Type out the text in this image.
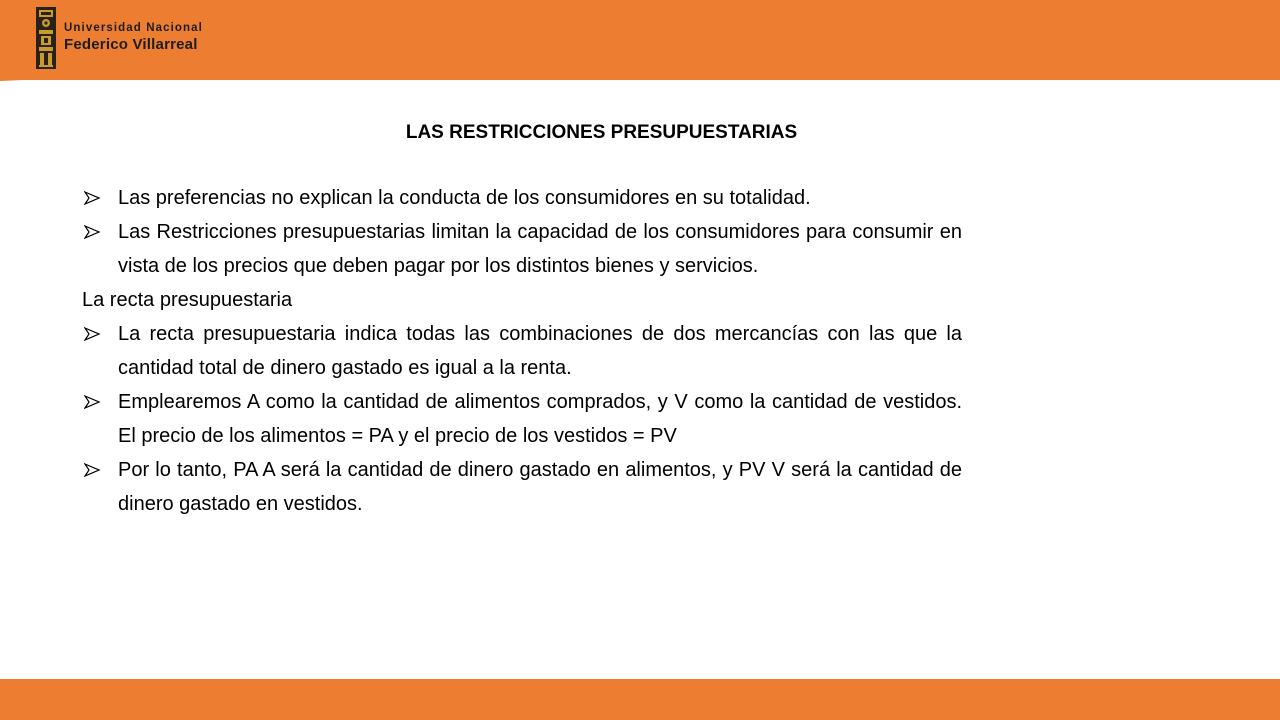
Universidad Nacional
Federico Villarreal
LAS RESTRICCIONES PRESUPUESTARIAS
Las preferencias no explican la conducta de los consumidores en su totalidad.
Las Restricciones presupuestarias limitan la capacidad de los consumidores para consumir en vista de los precios que deben pagar por los distintos bienes y servicios.
La recta presupuestaria
La recta presupuestaria indica todas las combinaciones de dos mercancías con las que la cantidad total de dinero gastado es igual a la renta.
Emplearemos A como la cantidad de alimentos comprados, y V como la cantidad de vestidos. El precio de los alimentos = PA y el precio de los vestidos = PV
Por lo tanto, PA A será la cantidad de dinero gastado en alimentos, y PV V será la cantidad de dinero gastado en vestidos.
